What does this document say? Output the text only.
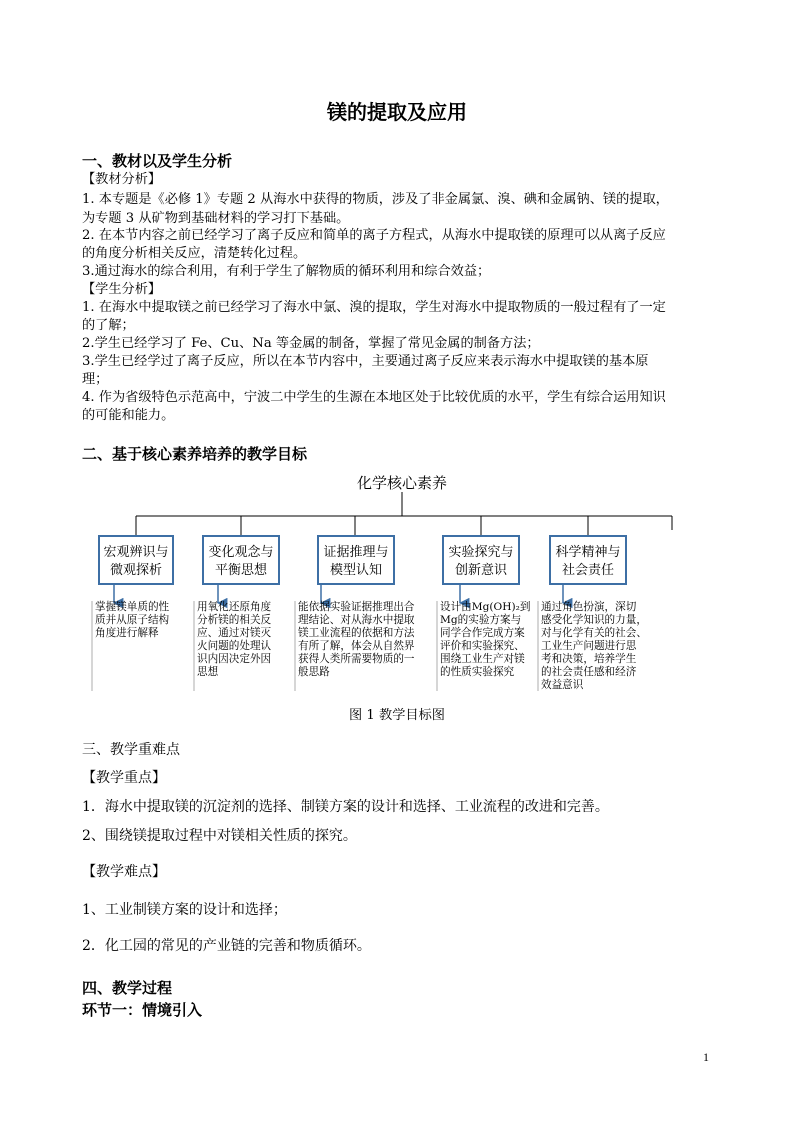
镁的提取及应用
一、教材以及学生分析
【教材分析】
1. 本专题是《必修 1》专题 2 从海水中获得的物质，涉及了非金属氯、溴、碘和金属钠、镁的提取，
为专题 3 从矿物到基础材料的学习打下基础。
2. 在本节内容之前已经学习了离子反应和简单的离子方程式，从海水中提取镁的原理可以从离子反应
的角度分析相关反应，清楚转化过程。
3.通过海水的综合利用，有利于学生了解物质的循环利用和综合效益；
【学生分析】
1. 在海水中提取镁之前已经学习了海水中氯、溴的提取，学生对海水中提取物质的一般过程有了一定
的了解；
2.学生已经学习了 Fe、Cu、Na 等金属的制备，掌握了常见金属的制备方法；
3.学生已经学过了离子反应，所以在本节内容中，主要通过离子反应来表示海水中提取镁的基本原
理；
4. 作为省级特色示范高中，宁波二中学生的生源在本地区处于比较优质的水平，学生有综合运用知识
的可能和能力。
二、基于核心素养培养的教学目标
化学核心素养
宏观辨识与
微观探析
变化观念与
平衡思想
证据推理与
模型认知
实验探究与
创新意识
科学精神与
社会责任
掌握镁单质的性
质并从原子结构
角度进行解释
用氧化还原角度
分析镁的相关反
应、通过对镁灭
火问题的处理认
识内因决定外因
思想
能依据实验证据推理出合
理结论、对从海水中提取
镁工业流程的依据和方法
有所了解，体会从自然界
获得人类所需要物质的一
般思路
设计由Mg(OH)₂到
Mg的实验方案与
同学合作完成方案
评价和实验探究、
围绕工业生产对镁
的性质实验探究
通过角色扮演，深切
感受化学知识的力量，
对与化学有关的社会、
工业生产问题进行思
考和决策，培养学生
的社会责任感和经济
效益意识
图 1 教学目标图
三、教学重难点
【教学重点】
1．海水中提取镁的沉淀剂的选择、制镁方案的设计和选择、工业流程的改进和完善。
2、围绕镁提取过程中对镁相关性质的探究。
【教学难点】
1、工业制镁方案的设计和选择；
2．化工园的常见的产业链的完善和物质循环。
四、教学过程
环节一：情境引入
1
